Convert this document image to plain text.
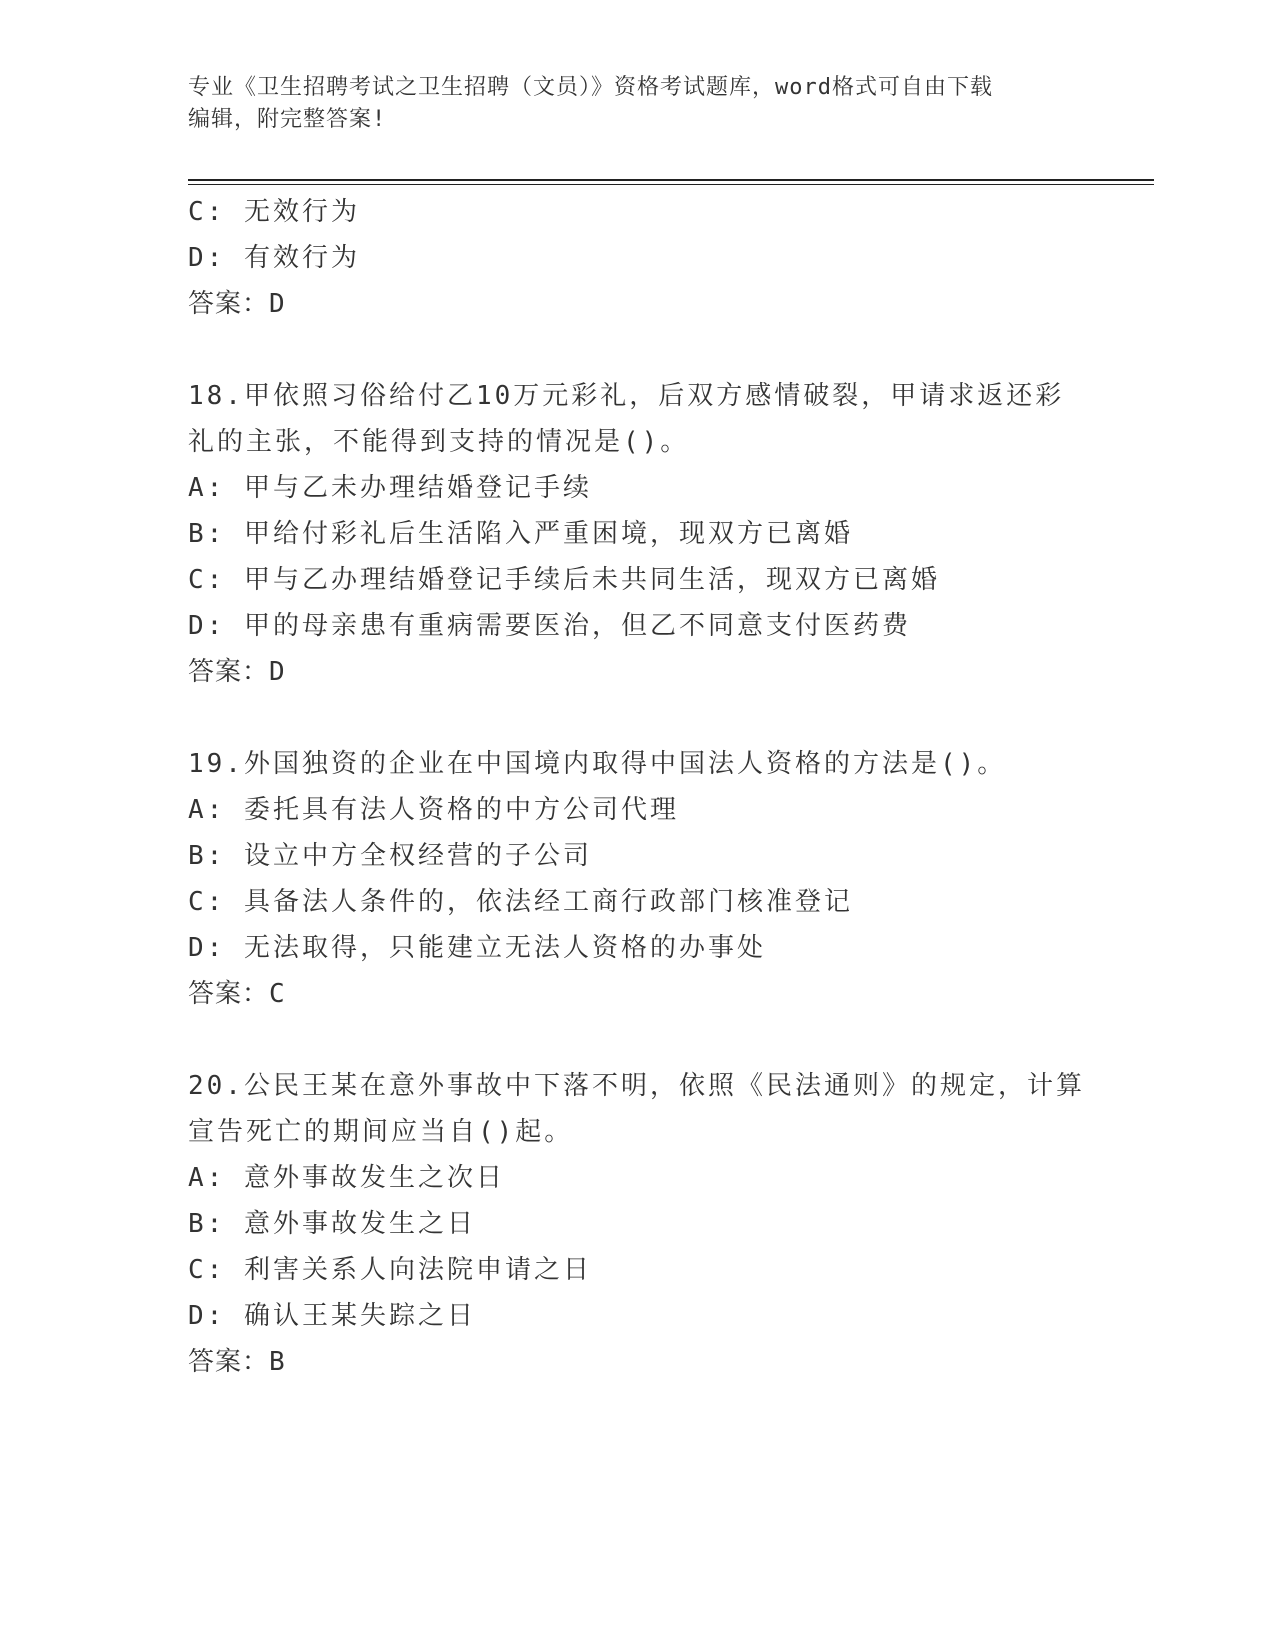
专业《卫生招聘考试之卫生招聘（文员）》资格考试题库，word格式可自由下载
编辑，附完整答案!
C: 无效行为
D: 有效行为
答案：D
18.甲依照习俗给付乙10万元彩礼，后双方感情破裂，甲请求返还彩
礼的主张，不能得到支持的情况是()。
A: 甲与乙未办理结婚登记手续
B: 甲给付彩礼后生活陷入严重困境，现双方已离婚
C: 甲与乙办理结婚登记手续后未共同生活，现双方已离婚
D: 甲的母亲患有重病需要医治，但乙不同意支付医药费
答案：D
19.外国独资的企业在中国境内取得中国法人资格的方法是()。
A: 委托具有法人资格的中方公司代理
B: 设立中方全权经营的子公司
C: 具备法人条件的，依法经工商行政部门核准登记
D: 无法取得，只能建立无法人资格的办事处
答案：C
20.公民王某在意外事故中下落不明，依照《民法通则》的规定，计算
宣告死亡的期间应当自()起。
A: 意外事故发生之次日
B: 意外事故发生之日
C: 利害关系人向法院申请之日
D: 确认王某失踪之日
答案：B
